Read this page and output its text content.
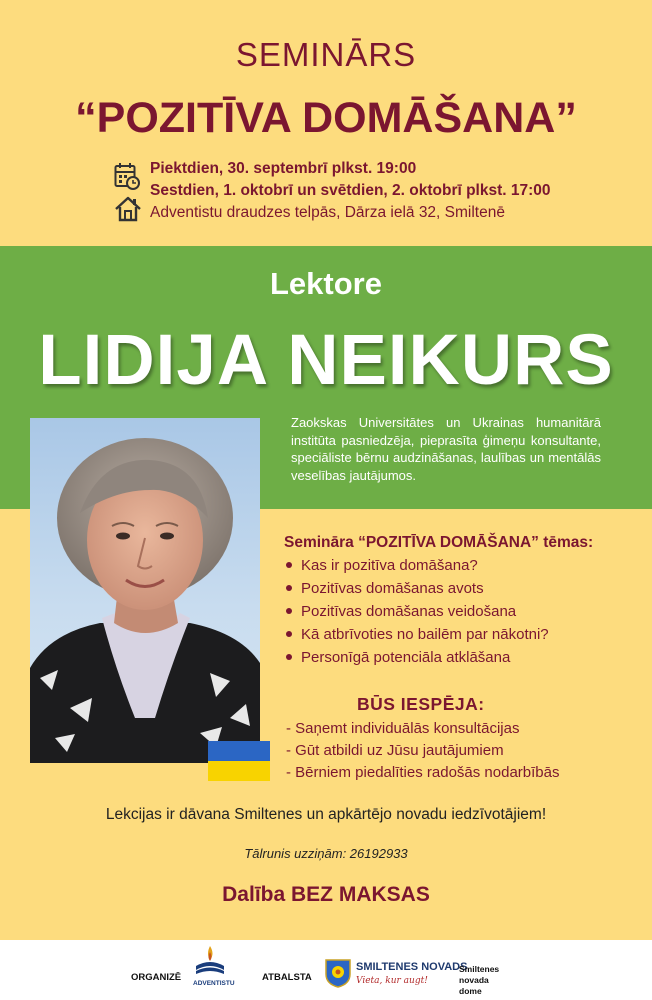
SEMINĀRS
“POZITĪVA DOMĀŠANA”
Piektdien, 30. septembrī plkst. 19:00
Sestdien, 1. oktobrī un svētdien, 2. oktobrī plkst. 17:00
Adventistu draudzes telpās, Dārza ielā 32, Smiltenē
Lektore
LIDIJA NEIKURS
Zaokskas Universitātes un Ukrainas humanitārā institūta pasniedzēja, pieprasīta ģimeņu konsultante, speciāliste bērnu audzināšanas, laulības un mentālās veselības jautājumos.
Semināra “POZITĪVA DOMĀŠANA” tēmas:
Kas ir pozitīva domāšana?
Pozitīvas domāšanas avots
Pozitīvas domāšanas veidošana
Kā atbrīvoties no bailēm par nākotni?
Personīgā potenciāla atklāšana
BŪS IESPĒJA:
- Saņemt individuālās konsultācijas
- Gūt atbildi uz Jūsu jautājumiem
- Bērniem piedalīties radošās nodarbībās
Lekcijas ir dāvana Smiltenes un apkārtējo novadu iedzīvotājiem!
Tālrunis uzziņām: 26192933
Dalība BEZ MAKSAS
ORGANIZĒ
ADVENTISTU
ATBALSTA
SMILTENES NOVADS
Vieta, kur augt!
Smiltenes novada dome
